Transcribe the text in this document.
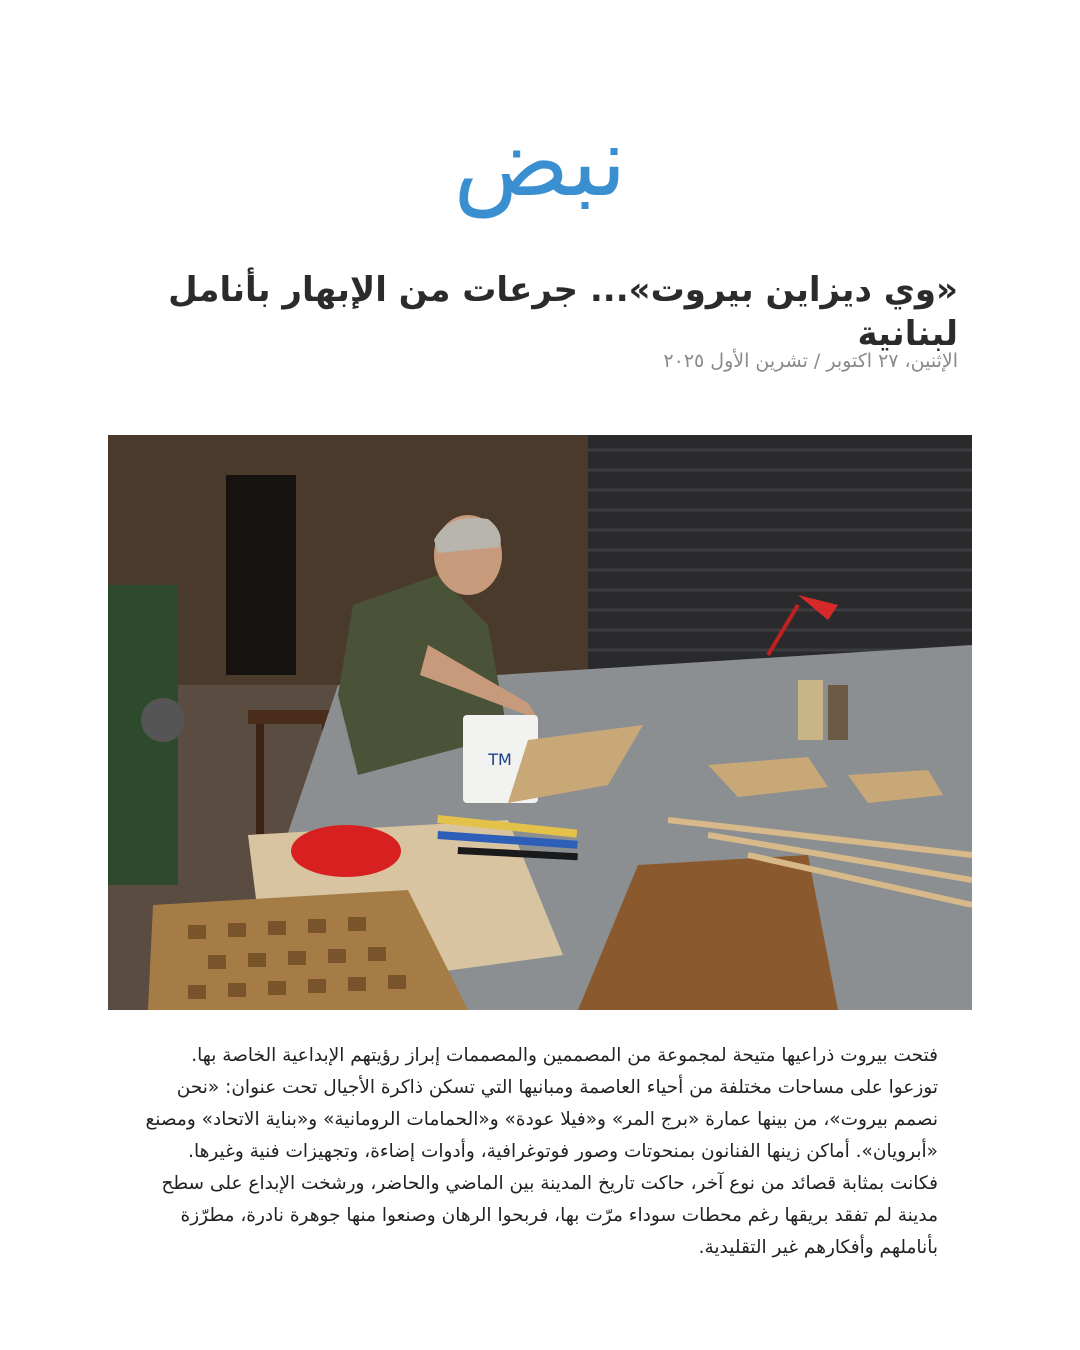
نبض
«وي ديزاين بيروت»... جرعات من الإبهار بأنامل لبنانية
الإثنين، ٢٧ اكتوبر / تشرين الأول ٢٠٢٥
TM

فتحت بيروت ذراعيها متيحة لمجموعة من المصممين والمصممات إبراز رؤيتهم الإبداعية الخاصة بها. توزعوا على مساحات مختلفة من أحياء العاصمة ومبانيها التي تسكن ذاكرة الأجيال تحت عنوان: «نحن نصمم بيروت»، من بينها عمارة «برج المر» و«فيلا عودة» و«الحمامات الرومانية» و«بناية الاتحاد» ومصنع «أبرويان». أماكن زينها الفنانون بمنحوتات وصور فوتوغرافية، وأدوات إضاءة، وتجهيزات فنية وغيرها. فكانت بمثابة قصائد من نوع آخر، حاكت تاريخ المدينة بين الماضي والحاضر، ورشخت الإبداع على سطح مدينة لم تفقد بريقها رغم محطات سوداء مرّت بها، فربحوا الرهان وصنعوا منها جوهرة نادرة، مطرّزة بأناملهم وأفكارهم غير التقليدية.
